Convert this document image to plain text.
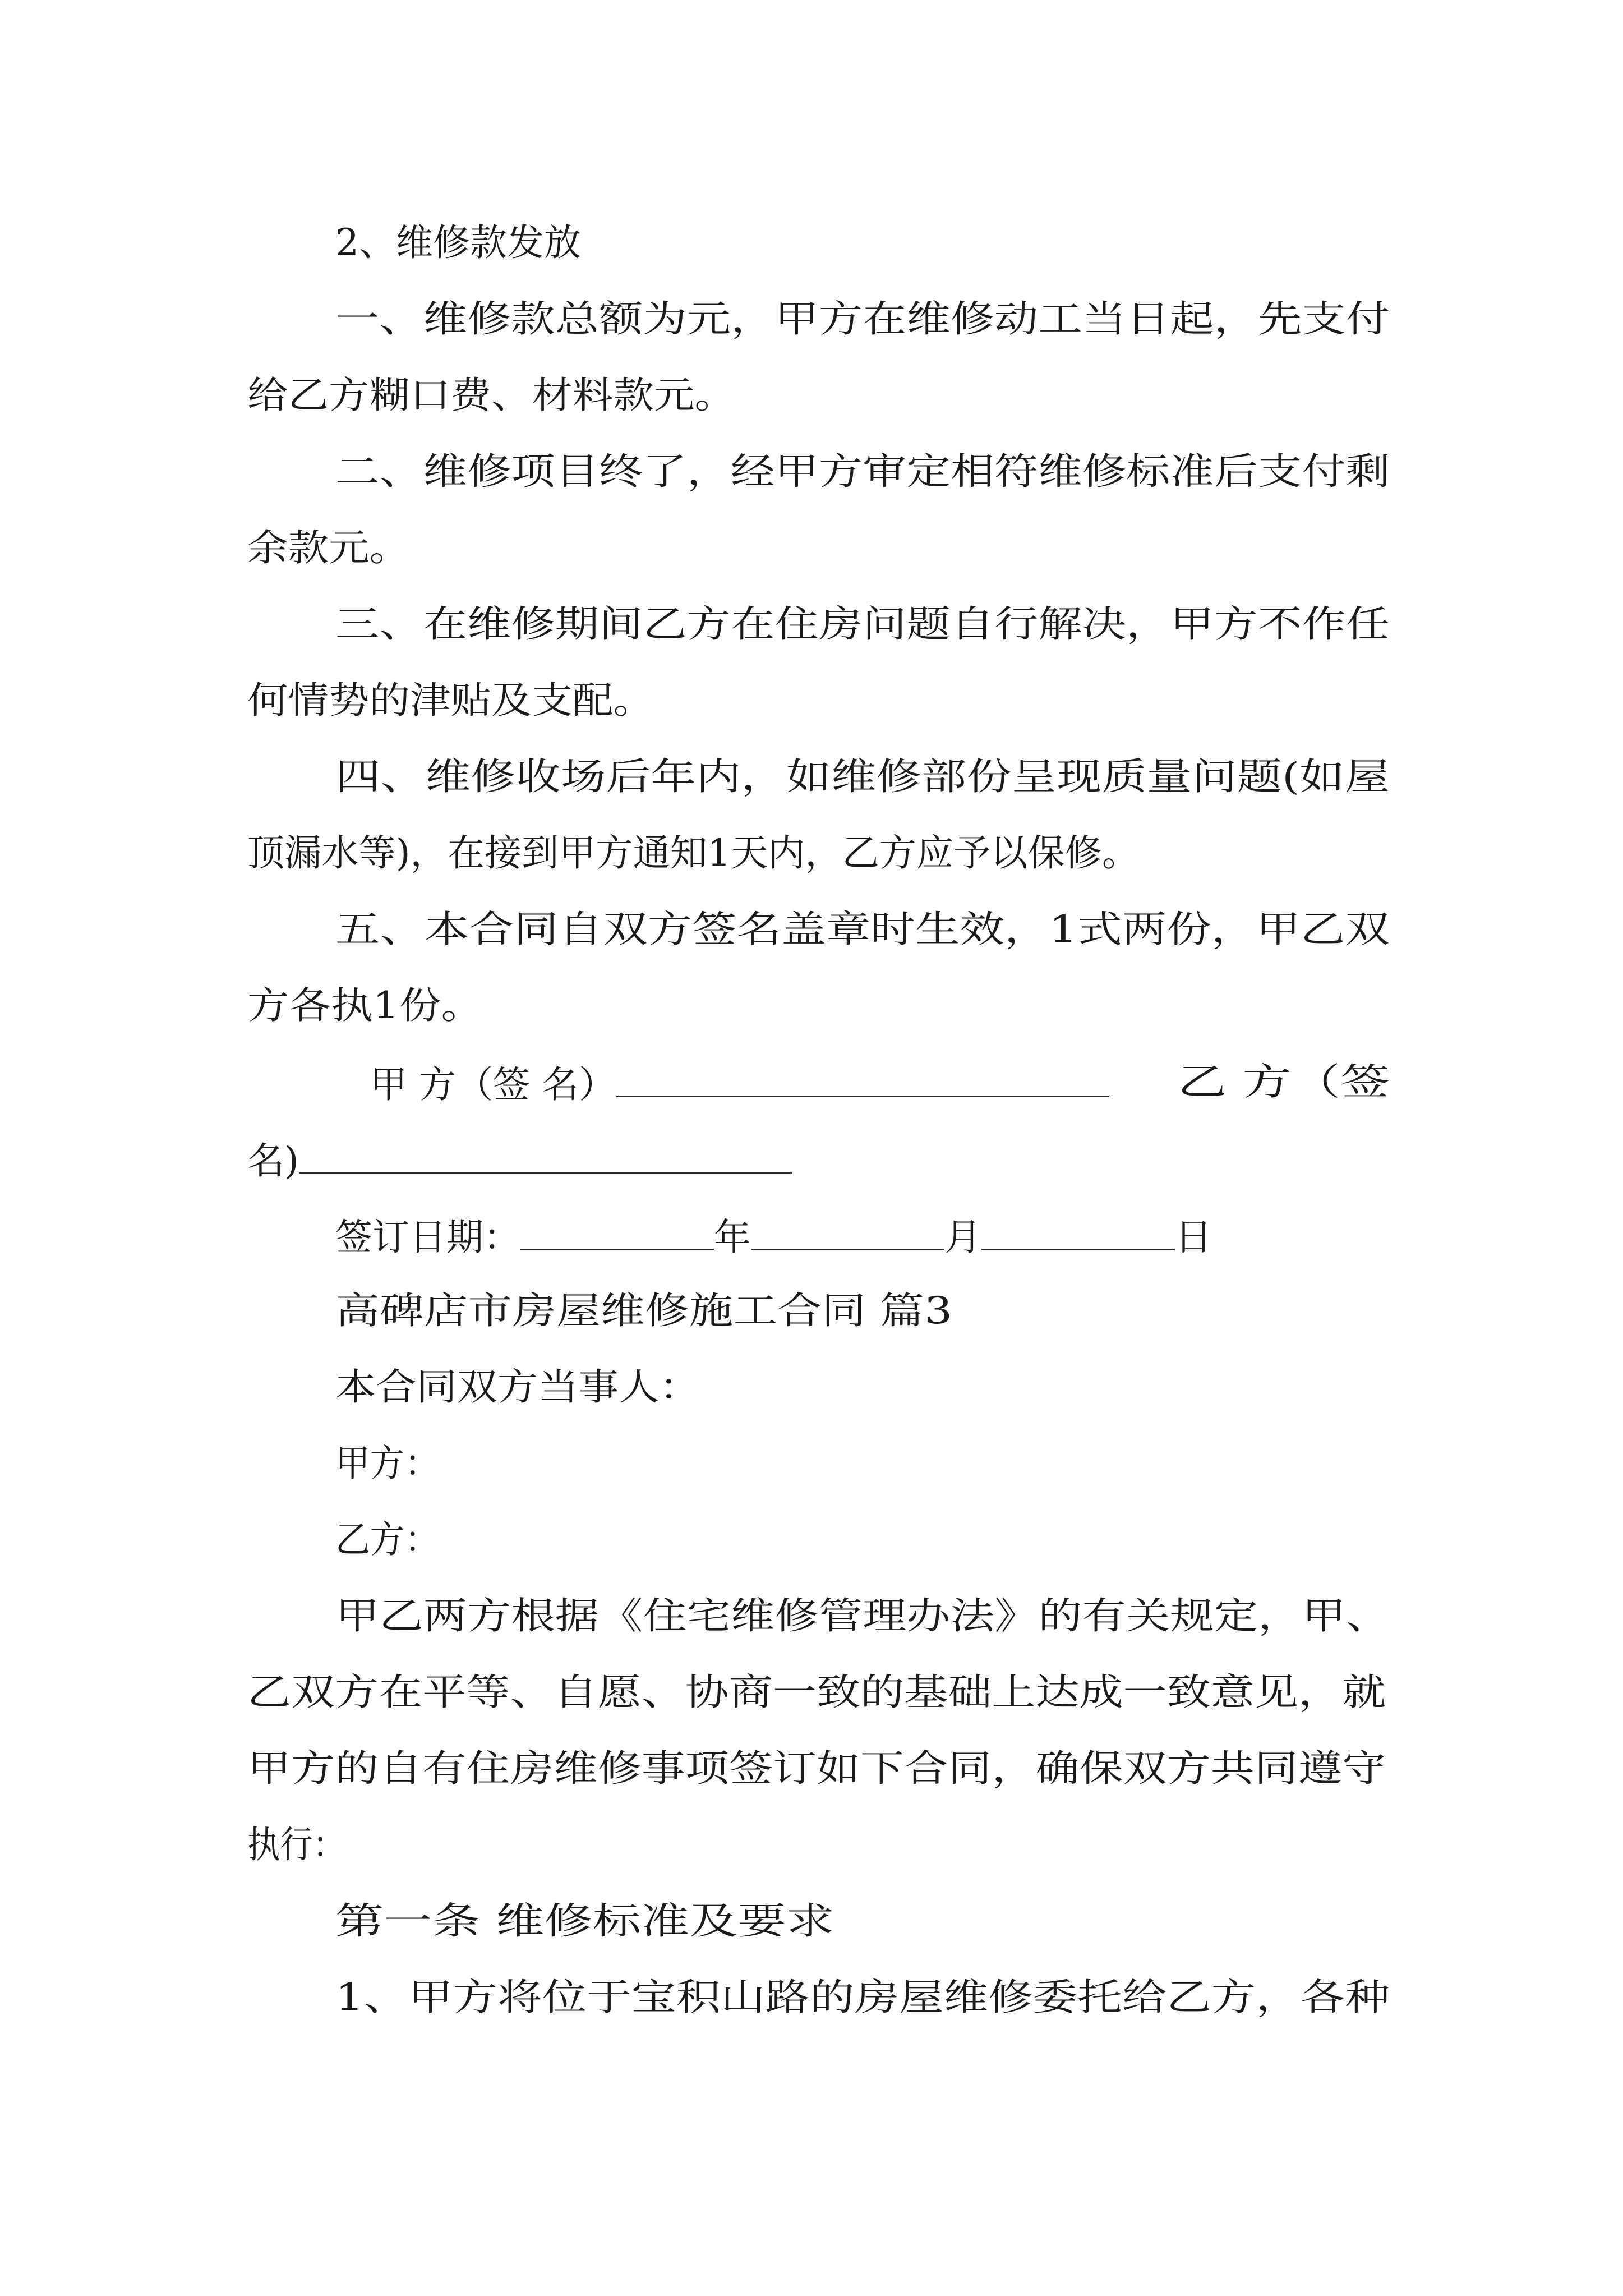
2、维修款发放

一、维修款总额为元，甲方在维修动工当日起，先支付

给乙方糊口费、材料款元。

二、维修项目终了，经甲方审定相符维修标准后支付剩

余款元。

三、在维修期间乙方在住房问题自行解决，甲方不作任

何情势的津贴及支配。

四、维修收场后年内，如维修部份呈现质量问题(如屋

顶漏水等)，在接到甲方通知1天内，乙方应予以保修。

五、本合同自双方签名盖章时生效，1式两份，甲乙双

方各执1份。

甲 方（签 名）	乙 方（签

名)
签订日期：	年	月	日

高碑店市房屋维修施工合同 篇3

本合同双方当事人：

甲方：

乙方：

甲乙两方根据《住宅维修管理办法》的有关规定，甲、

乙双方在平等、自愿、协商一致的基础上达成一致意见，就

甲方的自有住房维修事项签订如下合同，确保双方共同遵守

执行：

第一条 维修标准及要求

1、甲方将位于宝积山路的房屋维修委托给乙方，各种
